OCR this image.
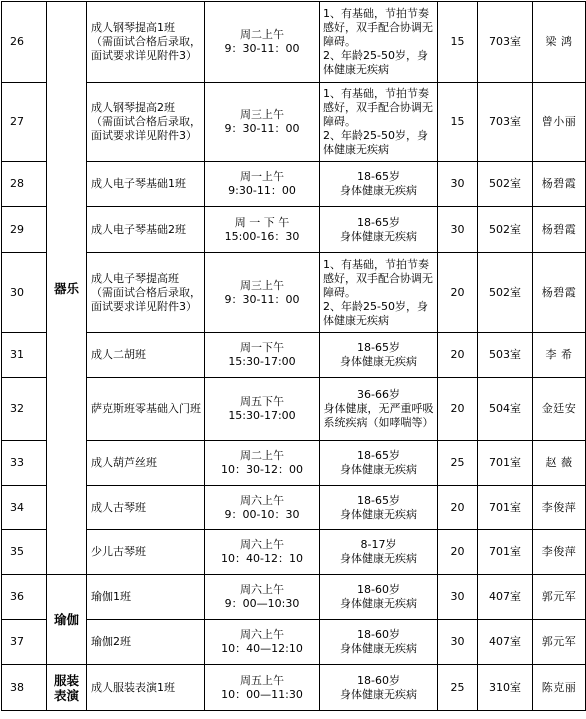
26	器乐	成人钢琴提高1班
（需面试合格后录取，面试要求详见附件3）	周二上午
9：30-11：00	1、有基础，节拍节奏感好，双手配合协调无障碍。
2、年龄25-50岁，身体健康无疾病	15	703室	梁 鸿
27		成人钢琴提高2班
（需面试合格后录取，面试要求详见附件3）	周三上午
9：30-11：00	1、有基础，节拍节奏感好，双手配合协调无障碍。
2、年龄25-50岁，身体健康无疾病	15	703室	曾小丽
28		成人电子琴基础1班	周一上午
9:30-11：00	18-65岁
身体健康无疾病	30	502室	杨碧霞
29		成人电子琴基础2班	周 一 下 午
15:00-16：30	18-65岁
身体健康无疾病	30	502室	杨碧霞
30		成人电子琴提高班
（需面试合格后录取，面试要求详见附件3）	周三上午
9：30-11：00	1、有基础，节拍节奏感好，双手配合协调无障碍。
2、年龄25-50岁，身体健康无疾病	20	502室	杨碧霞
31		成人二胡班	周一下午
15:30-17:00	18-65岁
身体健康无疾病	20	503室	李 希
32		萨克斯班零基础入门班	周五下午
15:30-17:00	36-66岁
身体健康，无严重呼吸系统疾病（如哮喘等）	20	504室	金廷安
33		成人葫芦丝班	周二上午
10：30-12：00	18-65岁
身体健康无疾病	25	701室	赵 薇
34		成人古琴班	周六上午
9：00-10：30	18-65岁
身体健康无疾病	20	701室	李俊萍
35		少儿古琴班	周六上午
10：40-12：10	8-17岁
身体健康无疾病	20	701室	李俊萍
36	瑜伽	瑜伽1班	周六上午
9：00—10:30	18-60岁
身体健康无疾病	30	407室	郭元军
37		瑜伽2班	周六上午
10：40—12:10	18-60岁
身体健康无疾病	30	407室	郭元军
38	服装
表演	成人服装表演1班	周五上午
10：00—11:30	18-60岁
身体健康无疾病	25	310室	陈克丽
